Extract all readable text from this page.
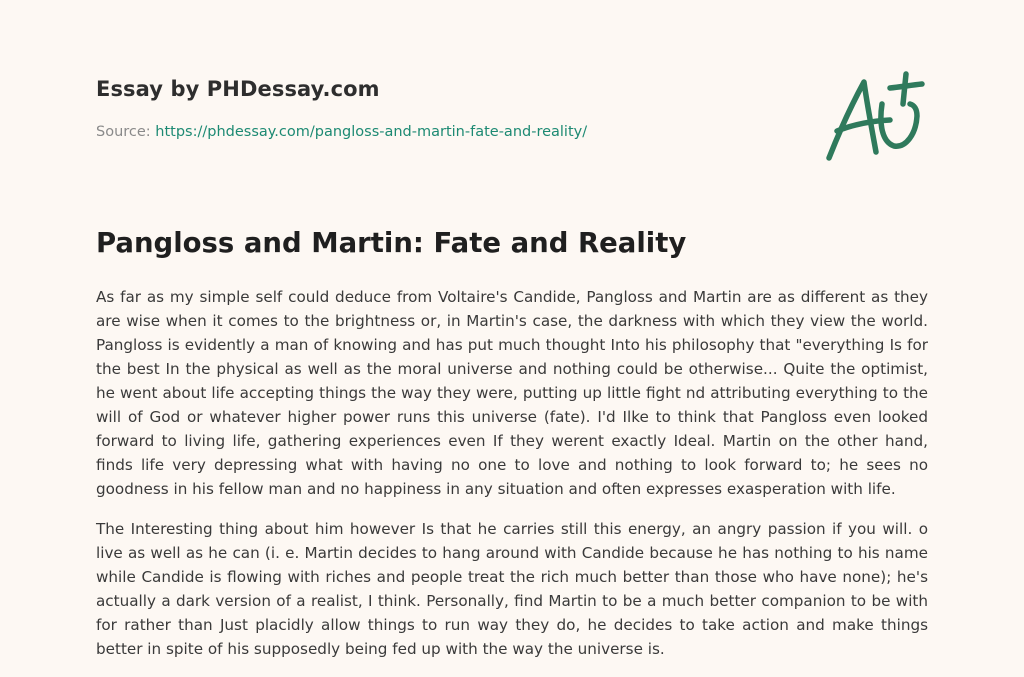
Essay by PHDessay.com
Source: https://phdessay.com/pangloss-and-martin-fate-and-reality/
Pangloss and Martin: Fate and Reality

As far as my simple self could deduce from Voltaire's Candide, Pangloss and Martin are as different as they are wise when it comes to the brightness or, in Martin's case, the darkness with which they view the world. Pangloss is evidently a man of knowing and has put much thought Into his philosophy that "everything Is for the best In the physical as well as the moral universe and nothing could be otherwise... Quite the optimist, he went about life accepting things the way they were, putting up little fight nd attributing everything to the will of God or whatever higher power runs this universe (fate). I'd Ilke to think that Pangloss even looked forward to living life, gathering experiences even If they werent exactly Ideal. Martin on the other hand, finds life very depressing what with having no one to love and nothing to look forward to; he sees no goodness in his fellow man and no happiness in any situation and often expresses exasperation with life.

The Interesting thing about him however Is that he carries still this energy, an angry passion if you will. o live as well as he can (i. e. Martin decides to hang around with Candide because he has nothing to his name while Candide is flowing with riches and people treat the rich much better than those who have none); he's actually a dark version of a realist, I think. Personally, find Martin to be a much better companion to be with for rather than Just placidly allow things to run way they do, he decides to take action and make things better in spite of his supposedly being fed up with the way the universe is.
